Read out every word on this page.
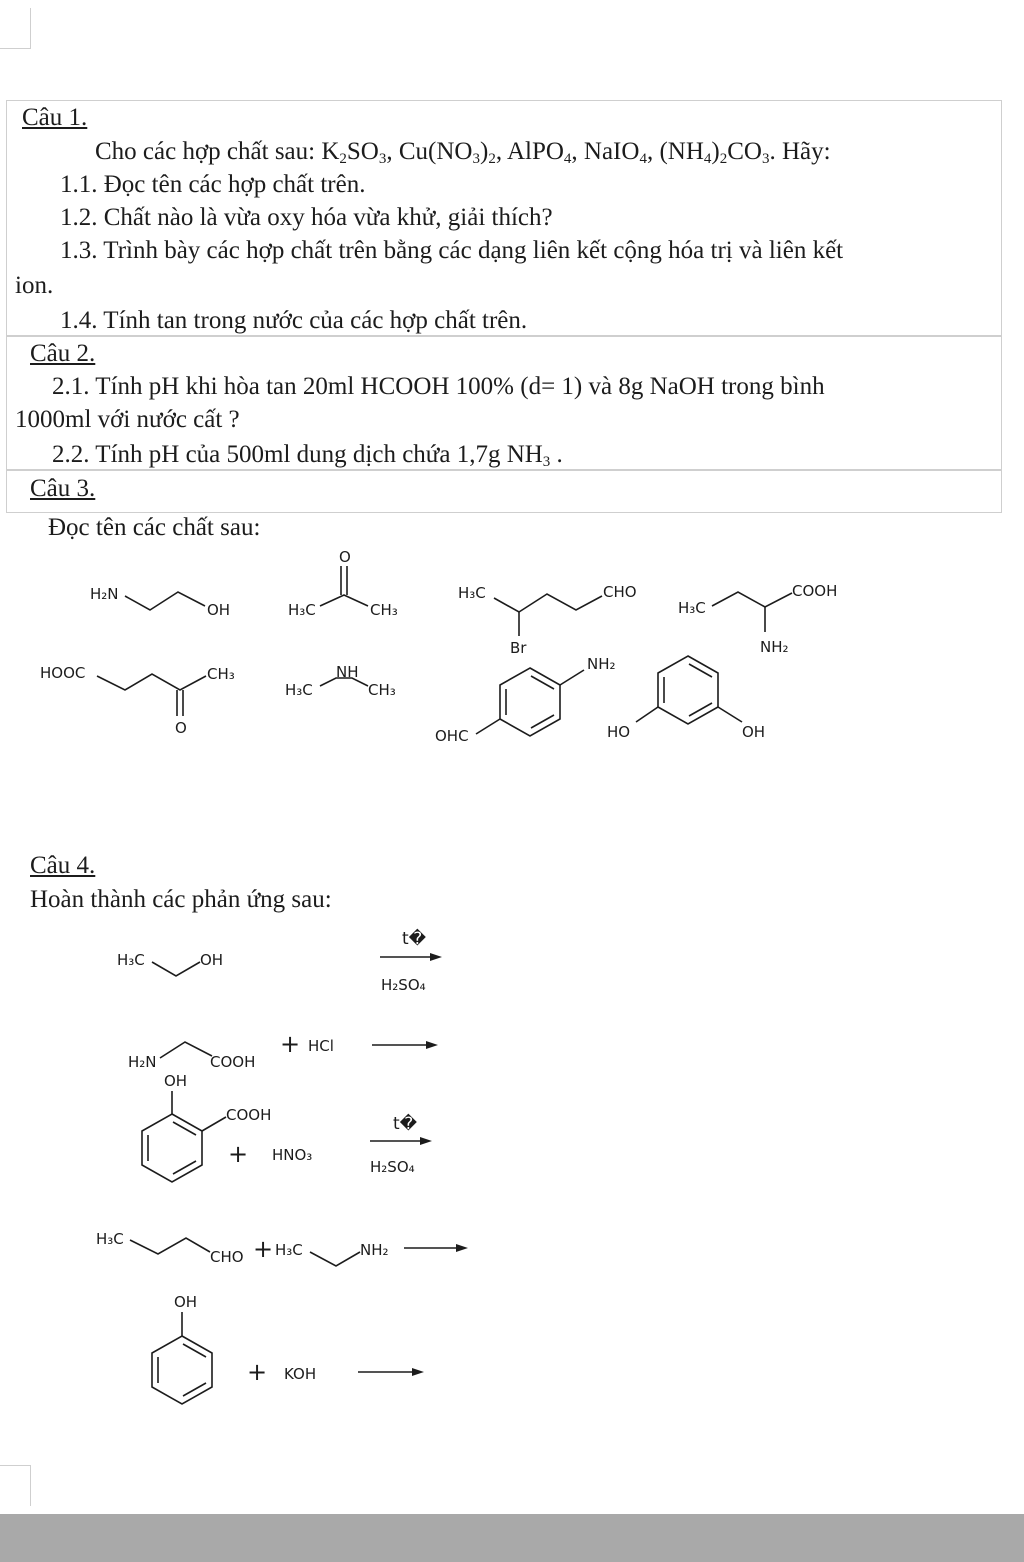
Câu 1.
Cho các hợp chất sau: $K_2SO_3$, $Cu(NO_3)_2$, AlPO$_4$, NaIO$_4$, $(NH_4)_2CO_3$. Hãy:
1.1. Đọc tên các hợp chất trên.
1.2. Chất nào là vừa oxy hóa vừa khử, giải thích?
1.3. Trình bày các hợp chất trên bằng các dạng liên kết cộng hóa trị và liên kết
ion.
1.4. Tính tan trong nước của các hợp chất trên.
Câu 2.
2.1. Tính pH khi hòa tan 20ml HCOOH 100% (d= 1) và 8g NaOH trong bình
1000ml với nước cất ?
2.2. Tính pH của 500ml dung dịch chứa 1,7g $NH_3$ .
Câu 3.
Đọc tên các chất sau:
H₂N
OH
O
H₃C	CH₃
H₃C	CHO
Br
H₃C
COOH
NH₂
HOOC	CH₃
O
NH
H₃C	CH₃
NH₂
OHC	HO	OH
Câu 4.
Hoàn thành các phản ứng sau:
H₃C	OH
t�
H₂SO₄
H₂N	COOH
+ HCl
OH
COOH
+ HNO₃
t�
H₂SO₄
H₃C
CHO + H₃C	NH₂
OH
+ KOH
